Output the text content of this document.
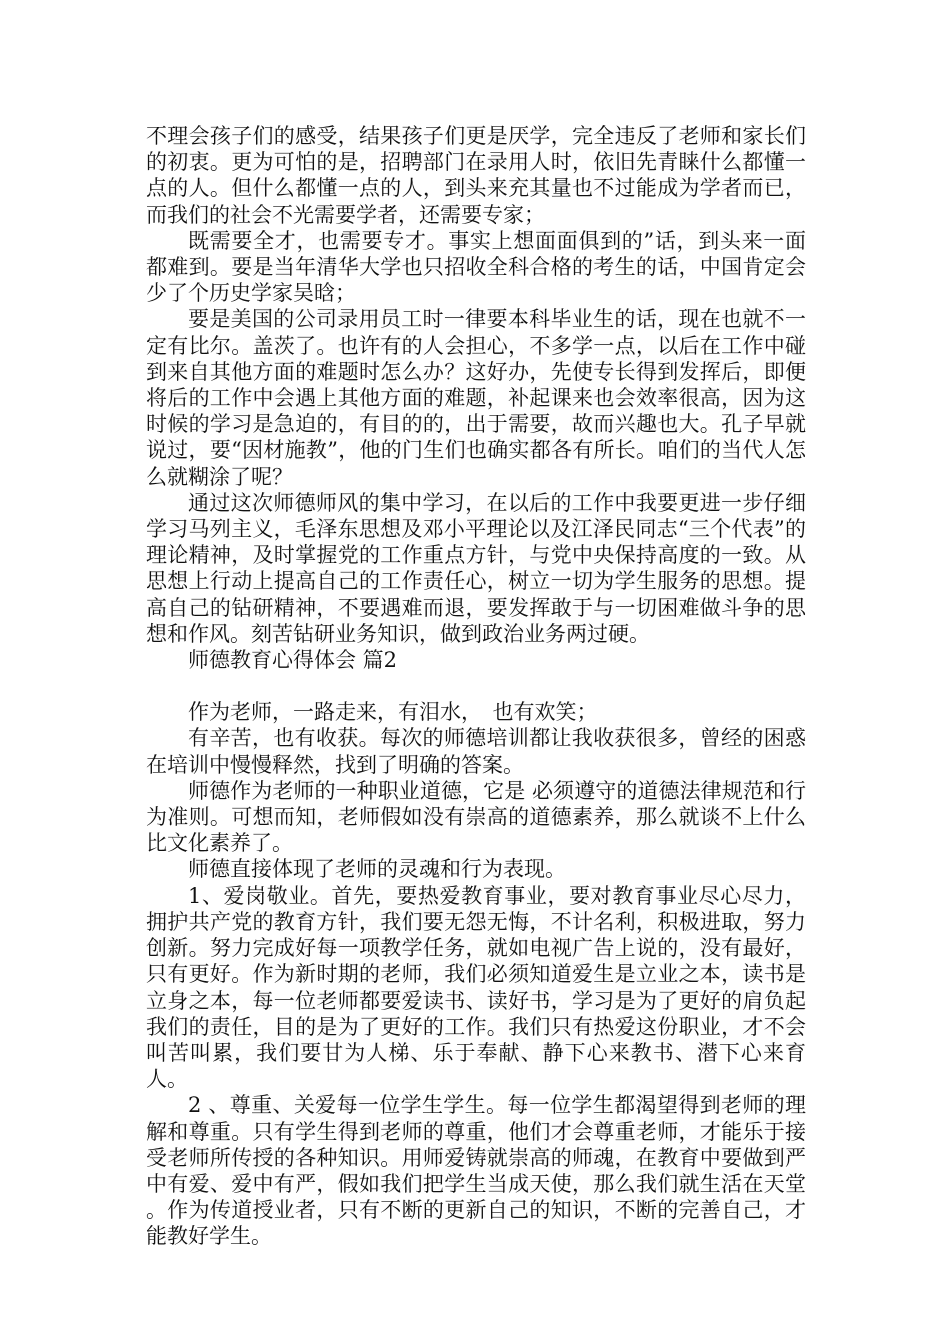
不理会孩子们的感受，结果孩子们更是厌学，完全违反了老师和家长们的初衷。更为可怕的是，招聘部门在录用人时，依旧先青睐什么都懂一点的人。但什么都懂一点的人，到头来充其量也不过能成为学者而已，而我们的社会不光需要学者，还需要专家；

既需要全才，也需要专才。事实上想面面俱到的”话，到头来一面都难到。要是当年清华大学也只招收全科合格的考生的话，中国肯定会少了个历史学家吴晗；

要是美国的公司录用员工时一律要本科毕业生的话，现在也就不一定有比尔。盖茨了。也许有的人会担心，不多学一点，以后在工作中碰到来自其他方面的难题时怎么办？这好办，先使专长得到发挥后，即便将后的工作中会遇上其他方面的难题，补起课来也会效率很高，因为这时候的学习是急迫的，有目的的，出于需要，故而兴趣也大。孔子早就说过，要“因材施教”，他的门生们也确实都各有所长。咱们的当代人怎么就糊涂了呢？

通过这次师德师风的集中学习，在以后的工作中我要更进一步仔细学习马列主义，毛泽东思想及邓小平理论以及江泽民同志“三个代表”的理论精神，及时掌握党的工作重点方针，与党中央保持高度的一致。从思想上行动上提高自己的工作责任心，树立一切为学生服务的思想。提高自己的钻研精神，不要遇难而退，要发挥敢于与一切困难做斗争的思想和作风。刻苦钻研业务知识，做到政治业务两过硬。

师德教育心得体会 篇2

作为老师，一路走来，有泪水，　也有欢笑；

有辛苦，也有收获。每次的师德培训都让我收获很多，曾经的困惑在培训中慢慢释然，找到了明确的答案。

师德作为老师的一种职业道德，它是 必须遵守的道德法律规范和行为准则。可想而知，老师假如没有崇高的道德素养，那么就谈不上什么比文化素养了。

师德直接体现了老师的灵魂和行为表现。

1、爱岗敬业。首先，要热爱教育事业，要对教育事业尽心尽力，拥护共产党的教育方针，我们要无怨无悔，不计名利，积极进取，努力创新。努力完成好每一项教学任务，就如电视广告上说的，没有最好，只有更好。作为新时期的老师，我们必须知道爱生是立业之本，读书是立身之本，每一位老师都要爱读书、读好书，学习是为了更好的肩负起我们的责任，目的是为了更好的工作。我们只有热爱这份职业，才不会叫苦叫累，我们要甘为人梯、乐于奉献、静下心来教书、潜下心来育人。

2 、尊重、关爱每一位学生学生。每一位学生都渴望得到老师的理解和尊重。只有学生得到老师的尊重，他们才会尊重老师，才能乐于接受老师所传授的各种知识。用师爱铸就崇高的师魂，在教育中要做到严中有爱、爱中有严，假如我们把学生当成天使，那么我们就生活在天堂 。作为传道授业者，只有不断的更新自己的知识，不断的完善自己，才能教好学生。
